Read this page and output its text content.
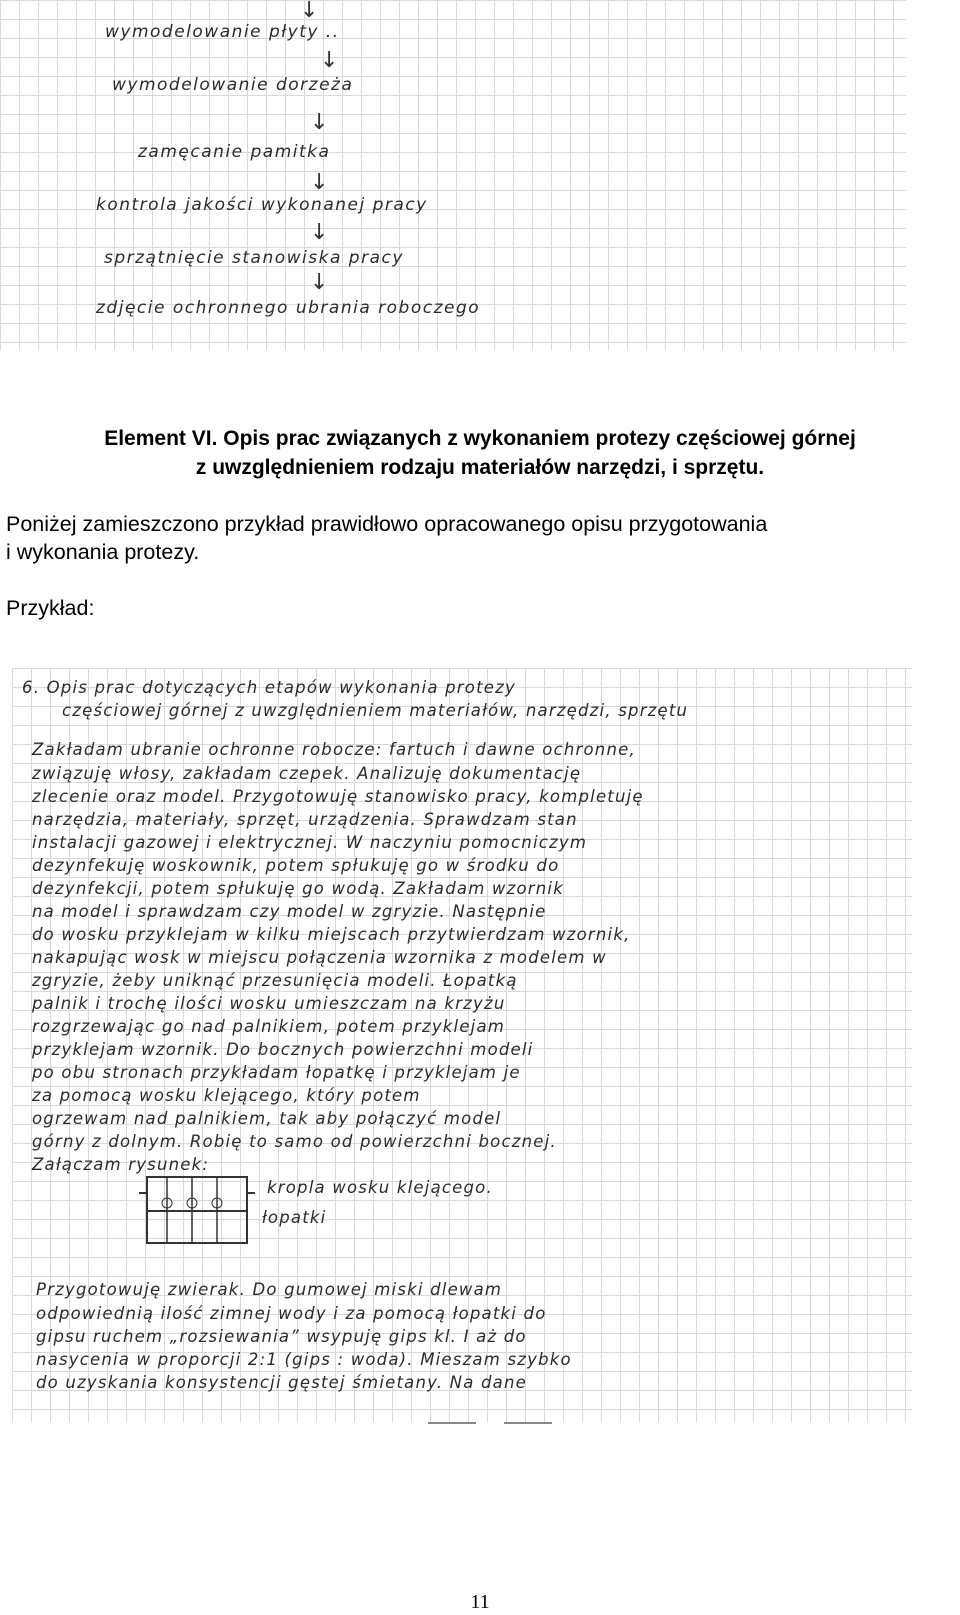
↓
wymodelowanie płyty ..
↓
wymodelowanie dorzeża
↓
zamęcanie pamitka
↓
kontrola jakości wykonanej pracy
↓
sprzątnięcie stanowiska pracy
↓
zdjęcie ochronnego ubrania roboczego
Element VI. Opis prac związanych z wykonaniem protezy częściowej górnej
z uwzględnieniem rodzaju materiałów narzędzi, i sprzętu.
Poniżej zamieszczono przykład prawidłowo opracowanego opisu przygotowania
i wykonania protezy.
Przykład:
6. Opis prac dotyczących etapów wykonania protezy
częściowej górnej z uwzględnieniem materiałów, narzędzi, sprzętu
Zakładam ubranie ochronne robocze: fartuch i dawne ochronne,
związuję włosy, zakładam czepek. Analizuję dokumentację
zlecenie oraz model. Przygotowuję stanowisko pracy, kompletuję
narzędzia, materiały, sprzęt, urządzenia. Sprawdzam stan
instalacji gazowej i elektrycznej. W naczyniu pomocniczym
dezynfekuję woskownik, potem spłukuję go w środku do
dezynfekcji, potem spłukuję go wodą. Zakładam wzornik
na model i sprawdzam czy model w zgryzie. Następnie
do wosku przyklejam w kilku miejscach przytwierdzam wzornik,
nakapując wosk w miejscu połączenia wzornika z modelem w
zgryzie, żeby uniknąć przesunięcia modeli. Łopatką
palnik i trochę ilości wosku umieszczam na krzyżu
rozgrzewając go nad palnikiem, potem przyklejam
przyklejam wzornik. Do bocznych powierzchni modeli
po obu stronach przykładam łopatkę i przyklejam je
za pomocą wosku klejącego, który potem
ogrzewam nad palnikiem, tak aby połączyć model
górny z dolnym. Robię to samo od powierzchni bocznej.
Załączam rysunek:
kropla wosku klejącego.
łopatki
Przygotowuję zwierak. Do gumowej miski dlewam
odpowiednią ilość zimnej wody i za pomocą łopatki do
gipsu ruchem „rozsiewania” wsypuję gips kl. I aż do
nasycenia w proporcji 2:1 (gips : woda). Mieszam szybko
do uzyskania konsystencji gęstej śmietany. Na dane
11
